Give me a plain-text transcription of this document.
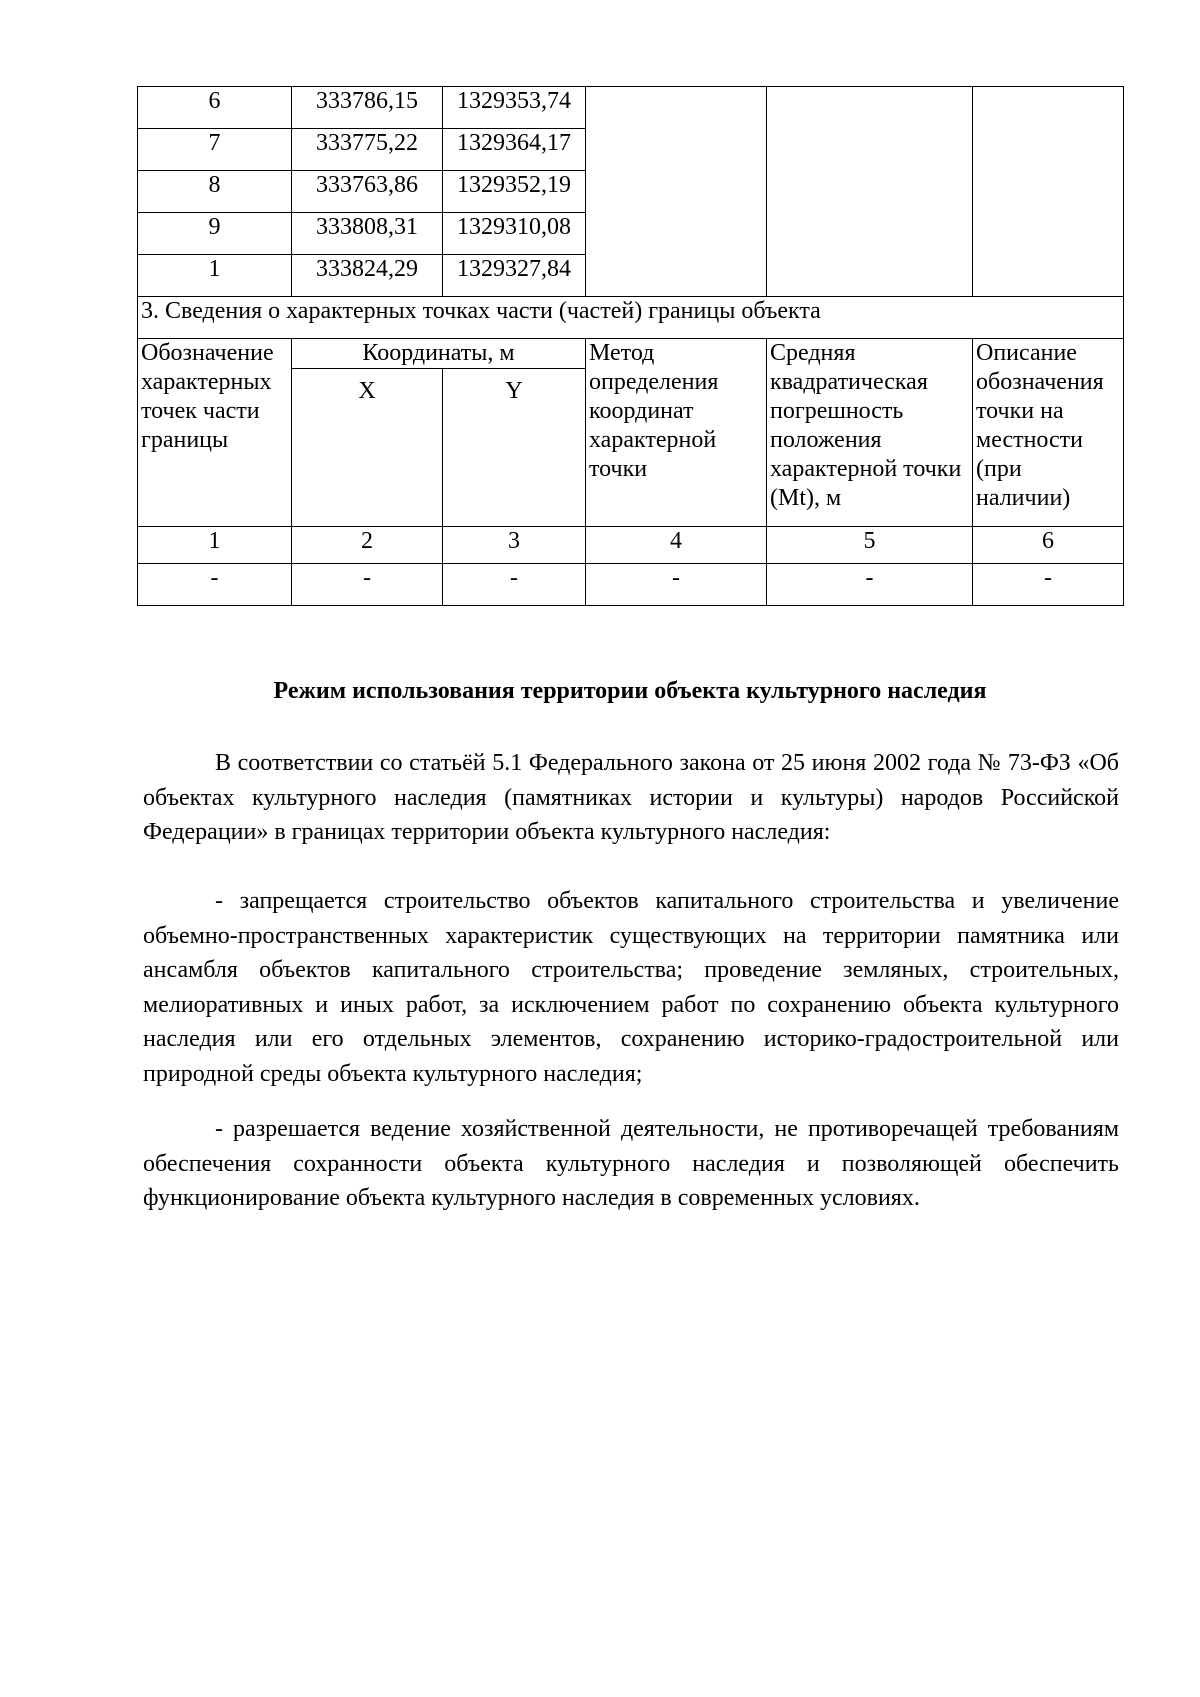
6	333786,15	1329353,74			
7	333775,22	1329364,17			
8	333763,86	1329352,19			
9	333808,31	1329310,08			
1	333824,29	1329327,84			
3. Сведения о характерных точках части (частей) границы объекта					
Обозначение характерных точек части границы	Координаты, м		Метод определения координат характерной точки	Средняя квадратическая погрешность положения характерной точки (Mt), м	Описание обозначения точки на местности (при наличии)
	X	Y			
1	2	3	4	5	6
-	-	-	-	-	-
Режим использования территории объекта культурного наследия

В соответствии со статьёй 5.1 Федерального закона от 25 июня 2002 года № 73-ФЗ «Об объектах культурного наследия (памятниках истории и культуры) народов Российской Федерации» в границах территории объекта культурного наследия:

- запрещается строительство объектов капитального строительства и увеличение объемно-пространственных характеристик существующих на территории памятника или ансамбля объектов капитального строительства; проведение земляных, строительных, мелиоративных и иных работ, за исключением работ по сохранению объекта культурного наследия или его отдельных элементов, сохранению историко-градостроительной или природной среды объекта культурного наследия;

- разрешается ведение хозяйственной деятельности, не противоречащей требованиям обеспечения сохранности объекта культурного наследия и позволяющей обеспечить функционирование объекта культурного наследия в современных условиях.
